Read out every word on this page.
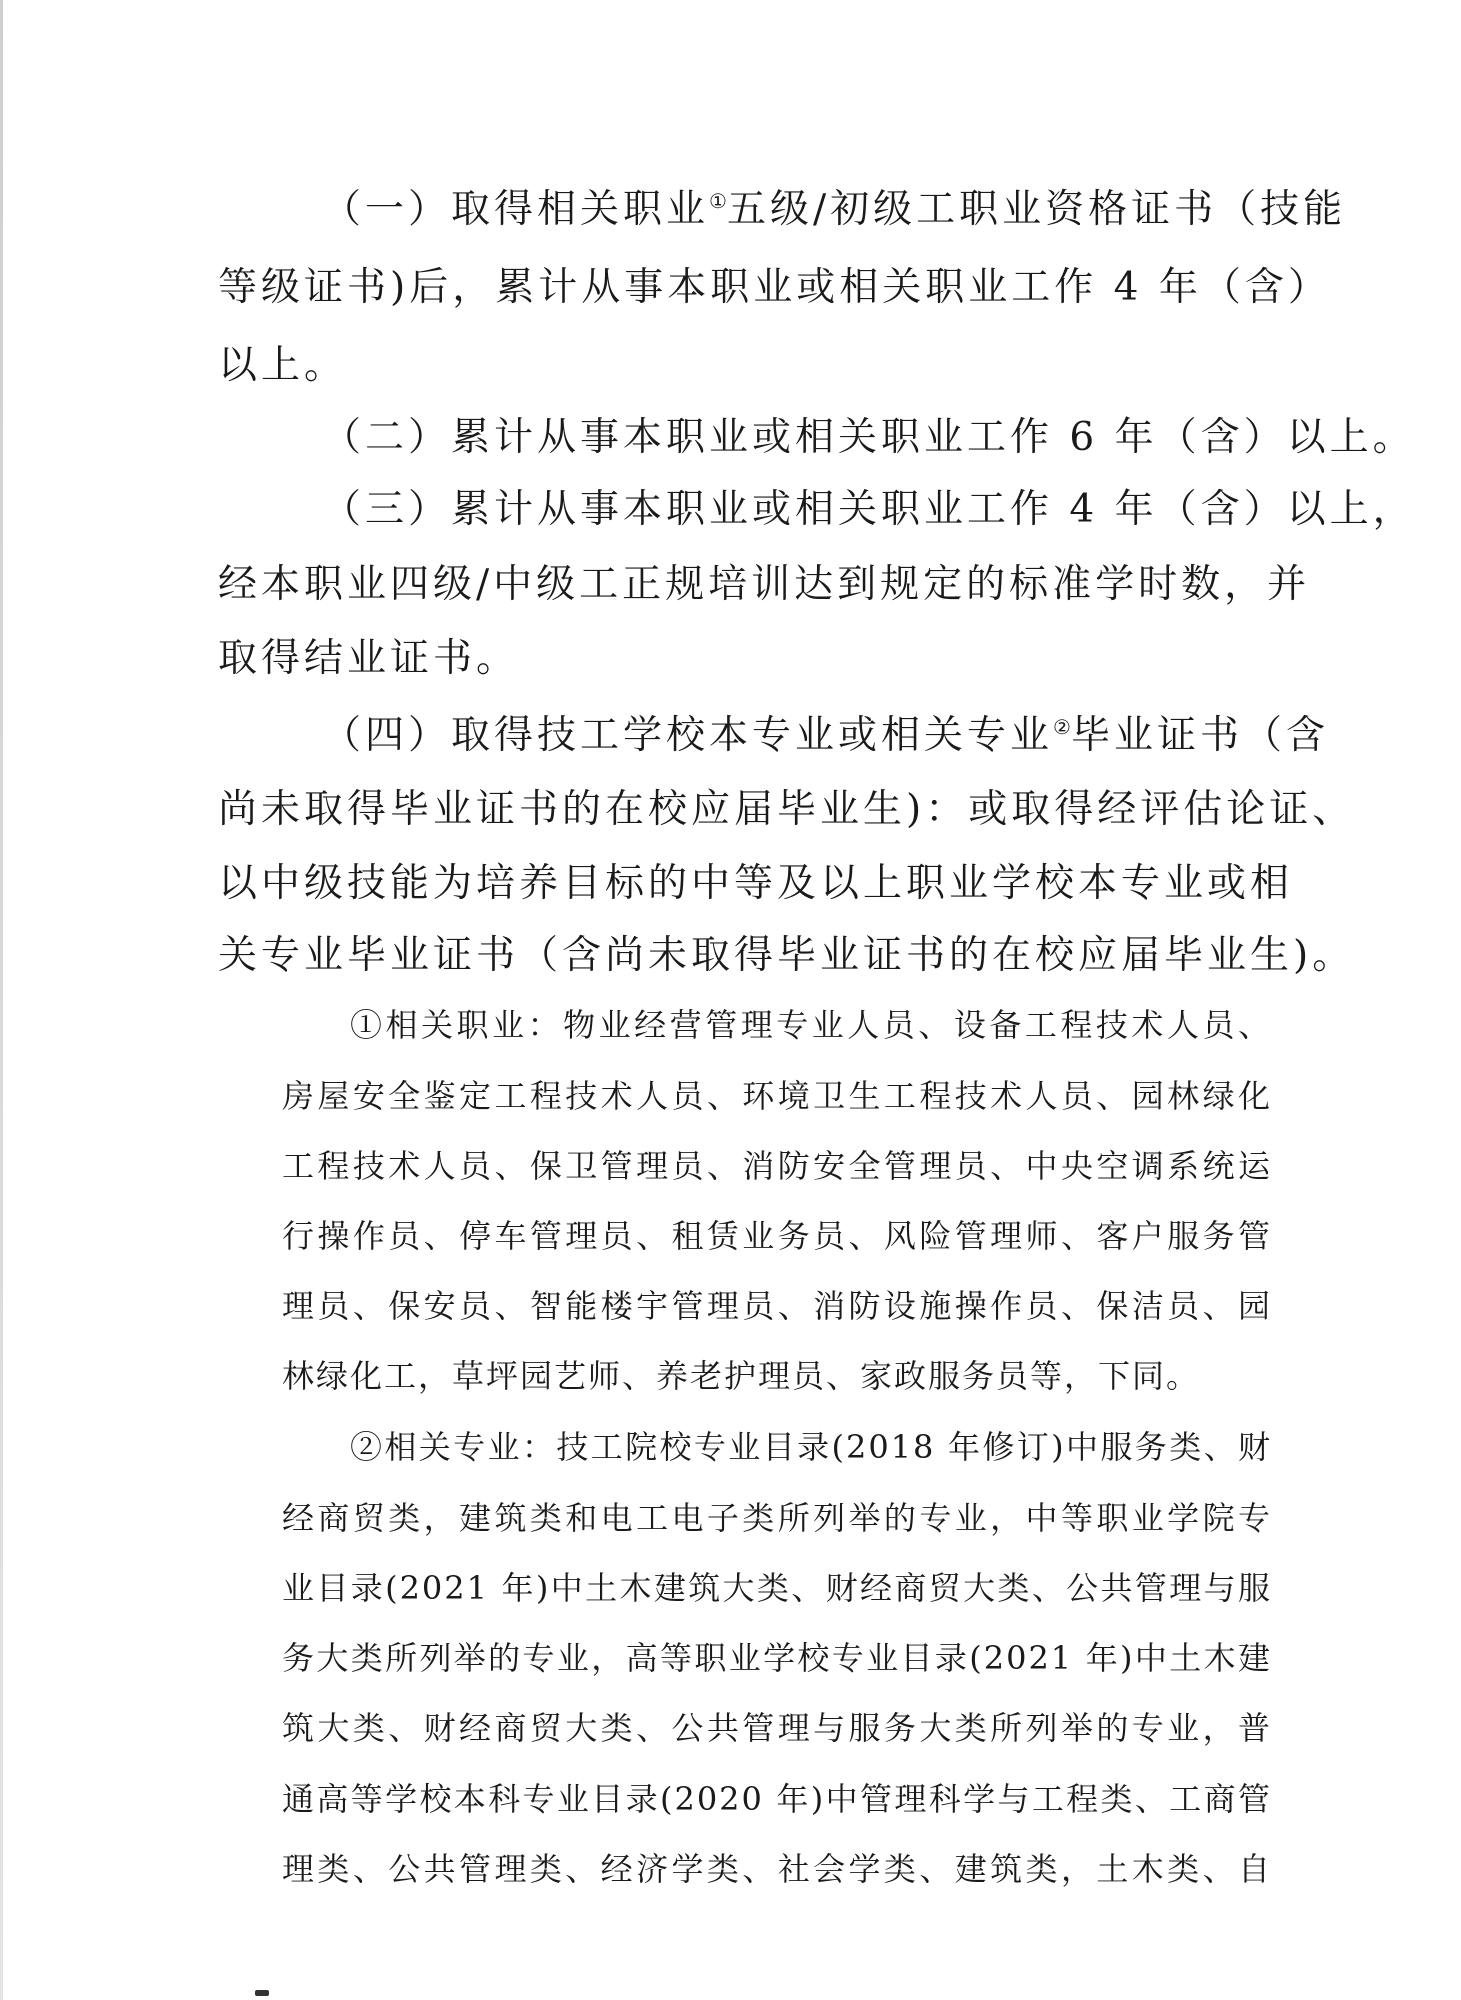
（一）取得相关职业①五级/初级工职业资格证书（技能

等级证书)后，累计从事本职业或相关职业工作 4 年（含）

以上。

（二）累计从事本职业或相关职业工作 6 年（含）以上。

（三）累计从事本职业或相关职业工作 4 年（含）以上，

经本职业四级/中级工正规培训达到规定的标准学时数，并

取得结业证书。

（四）取得技工学校本专业或相关专业②毕业证书（含

尚未取得毕业证书的在校应届毕业生)：或取得经评估论证、

以中级技能为培养目标的中等及以上职业学校本专业或相

关专业毕业证书（含尚未取得毕业证书的在校应届毕业生)。

①相关职业：物业经营管理专业人员、设备工程技术人员、

房屋安全鉴定工程技术人员、环境卫生工程技术人员、园林绿化

工程技术人员、保卫管理员、消防安全管理员、中央空调系统运

行操作员、停车管理员、租赁业务员、风险管理师、客户服务管

理员、保安员、智能楼宇管理员、消防设施操作员、保洁员、园

林绿化工，草坪园艺师、养老护理员、家政服务员等，下同。

②相关专业：技工院校专业目录(2018 年修订)中服务类、财

经商贸类，建筑类和电工电子类所列举的专业，中等职业学院专

业目录(2021 年)中土木建筑大类、财经商贸大类、公共管理与服

务大类所列举的专业，高等职业学校专业目录(2021 年)中土木建

筑大类、财经商贸大类、公共管理与服务大类所列举的专业，普

通高等学校本科专业目录(2020 年)中管理科学与工程类、工商管

理类、公共管理类、经济学类、社会学类、建筑类，土木类、自
